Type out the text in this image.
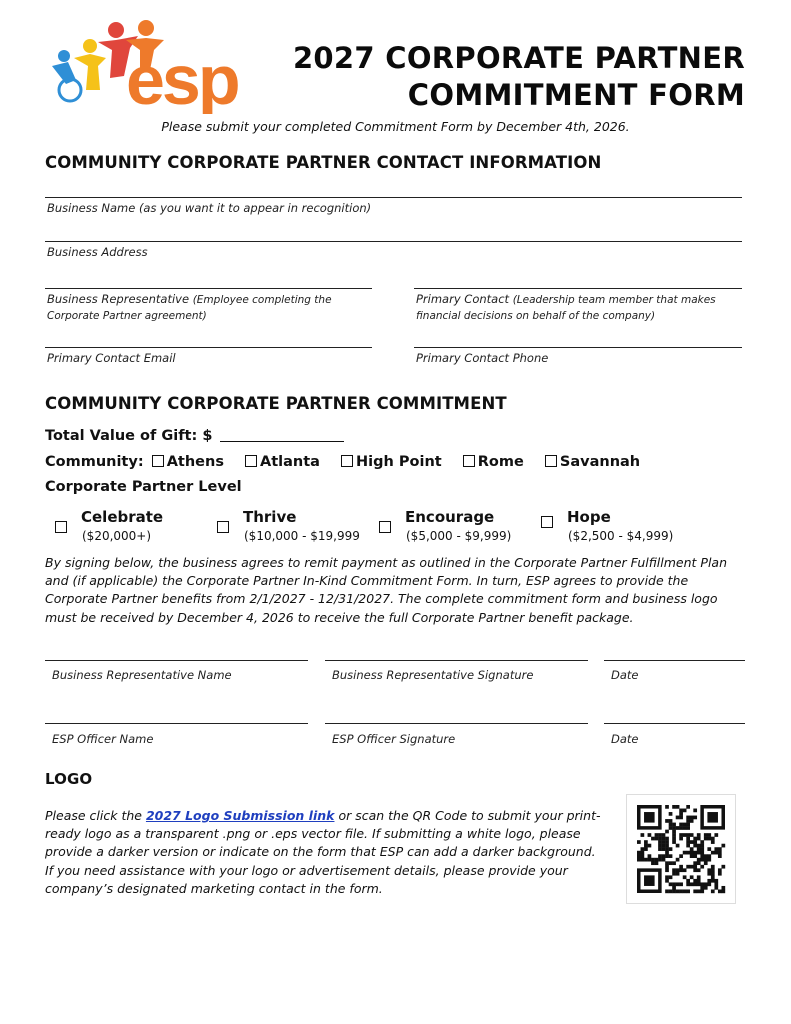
esp 2027 CORPORATE PARTNER
COMMITMENT FORM
Please submit your completed Commitment Form by December 4th, 2026.
COMMUNITY CORPORATE PARTNER CONTACT INFORMATION
Business Name (as you want it to appear in recognition)
Business Address
Business Representative (Employee completing the Corporate Partner agreement)
Primary Contact (Leadership team member that makes financial decisions on behalf of the company)
Primary Contact Email	Primary Contact Phone
COMMUNITY CORPORATE PARTNER COMMITMENT
Total Value of Gift: $
Community: Athens Atlanta High Point Rome Savannah
Corporate Partner Level
Celebrate
($20,000+)
Thrive
($10,000 - $19,999
Encourage
($5,000 - $9,999)
Hope
($2,500 - $4,999)
By signing below, the business agrees to remit payment as outlined in the Corporate Partner Fulfillment Plan and (if applicable) the Corporate Partner In-Kind Commitment Form. In turn, ESP agrees to provide the Corporate Partner benefits from 2/1/2027 - 12/31/2027. The complete commitment form and business logo must be received by December 4, 2026 to receive the full Corporate Partner benefit package.
Business Representative Name	Business Representative Signature	Date
ESP Officer Name	ESP Officer Signature	Date
LOGO
Please click the 2027 Logo Submission link or scan the QR Code to submit your print-ready logo as a transparent .png or .eps vector file. If submitting a white logo, please provide a darker version or indicate on the form that ESP can add a darker background. If you need assistance with your logo or advertisement details, please provide your company’s designated marketing contact in the form.
